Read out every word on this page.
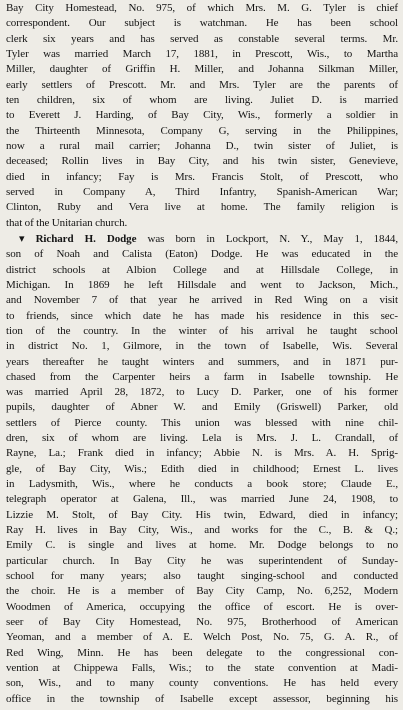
Bay City Homestead, No. 975, of which Mrs. M. G. Tyler is chief
correspondent. Our subject is watchman. He has been school
clerk six years and has served as constable several terms. Mr.
Tyler was married March 17, 1881, in Prescott, Wis., to Martha
Miller, daughter of Griffin H. Miller, and Johanna Silkman Miller,
early settlers of Prescott. Mr. and Mrs. Tyler are the parents of
ten children, six of whom are living. Juliet D. is married
to Everett J. Harding, of Bay City, Wis., formerly a soldier in
the Thirteenth Minnesota, Company G, serving in the Philippines,
now a rural mail carrier; Johanna D., twin sister of Juliet, is
deceased; Rollin lives in Bay City, and his twin sister, Genevieve,
died in infancy; Fay is Mrs. Francis Stolt, of Prescott, who
served in Company A, Third Infantry, Spanish-American War;
Clinton, Ruby and Vera live at home. The family religion is
that of the Unitarian church.
▾ Richard H. Dodge was born in Lockport, N. Y., May 1, 1844,
son of Noah and Calista (Eaton) Dodge. He was educated in the
district schools at Albion College and at Hillsdale College, in
Michigan. In 1869 he left Hillsdale and went to Jackson, Mich.,
and November 7 of that year he arrived in Red Wing on a visit
to friends, since which date he has made his residence in this sec-
tion of the country. In the winter of his arrival he taught school
in district No. 1, Gilmore, in the town of Isabelle, Wis. Several
years thereafter he taught winters and summers, and in 1871 pur-
chased from the Carpenter heirs a farm in Isabelle township. He
was married April 28, 1872, to Lucy D. Parker, one of his former
pupils, daughter of Abner W. and Emily (Griswell) Parker, old
settlers of Pierce county. This union was blessed with nine chil-
dren, six of whom are living. Lela is Mrs. J. L. Crandall, of
Rayne, La.; Frank died in infancy; Abbie N. is Mrs. A. H. Sprig-
gle, of Bay City, Wis.; Edith died in childhood; Ernest L. lives
in Ladysmith, Wis., where he conducts a book store; Claude E.,
telegraph operator at Galena, Ill., was married June 24, 1908, to
Lizzie M. Stolt, of Bay City. His twin, Edward, died in infancy;
Ray H. lives in Bay City, Wis., and works for the C., B. & Q.;
Emily C. is single and lives at home. Mr. Dodge belongs to no
particular church. In Bay City he was superintendent of Sunday-
school for many years; also taught singing-school and conducted
the choir. He is a member of Bay City Camp, No. 6,252, Modern
Woodmen of America, occupying the office of escort. He is over-
seer of Bay City Homestead, No. 975, Brotherhood of American
Yeoman, and a member of A. E. Welch Post, No. 75, G. A. R., of
Red Wing, Minn. He has been delegate to the congressional con-
vention at Chippewa Falls, Wis.; to the state convention at Madi-
son, Wis., and to many county conventions. He has held every
office in the township of Isabelle except assessor, beginning his
